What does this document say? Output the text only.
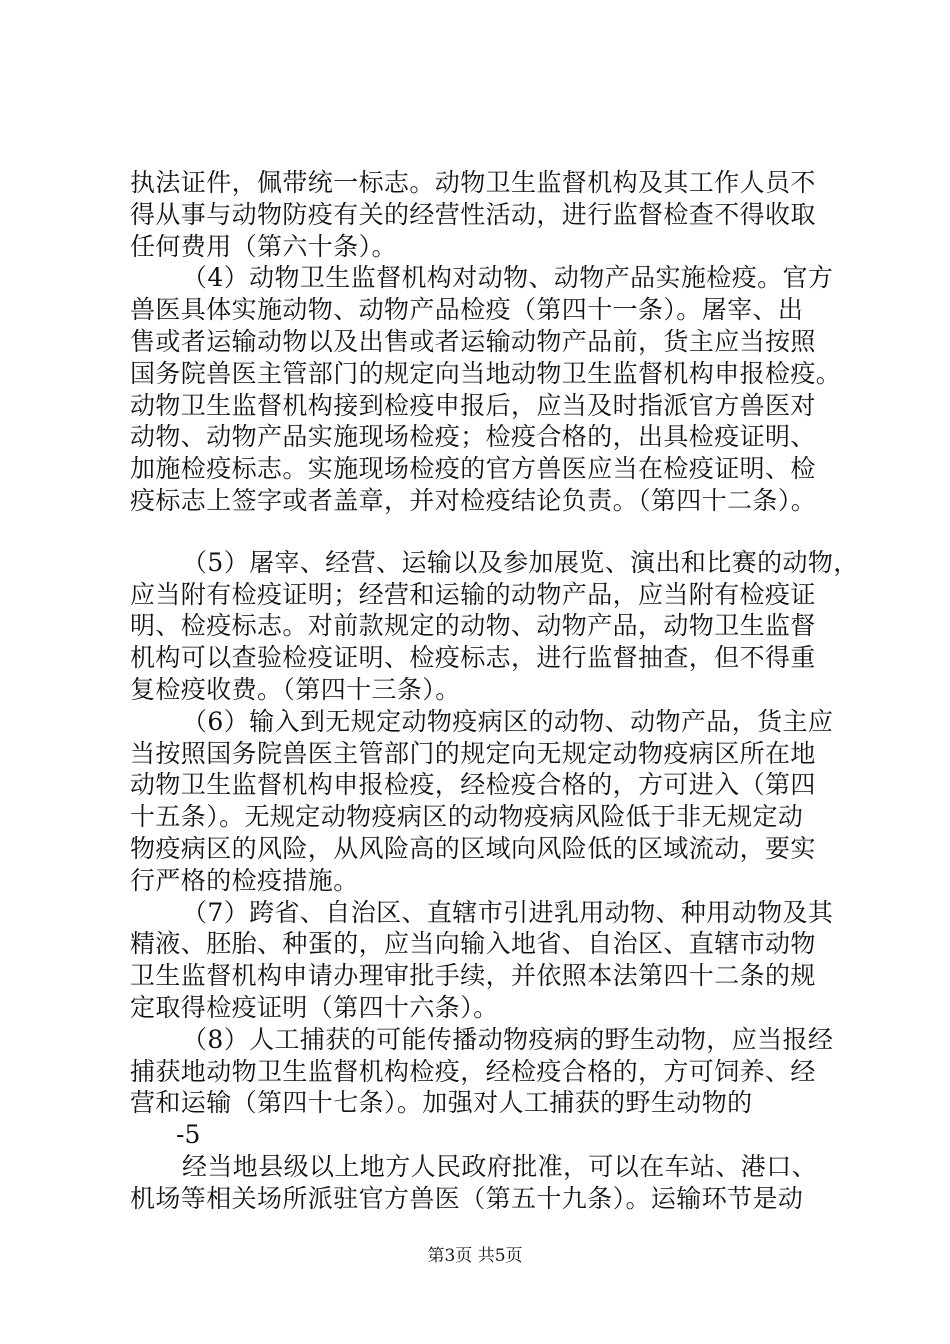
执法证件，佩带统一标志。动物卫生监督机构及其工作人员不
得从事与动物防疫有关的经营性活动，进行监督检查不得收取
任何费用（第六十条）。
（4）动物卫生监督机构对动物、动物产品实施检疫。官方
兽医具体实施动物、动物产品检疫（第四十一条）。屠宰、出
售或者运输动物以及出售或者运输动物产品前，货主应当按照
国务院兽医主管部门的规定向当地动物卫生监督机构申报检疫。
动物卫生监督机构接到检疫申报后，应当及时指派官方兽医对
动物、动物产品实施现场检疫；检疫合格的，出具检疫证明、
加施检疫标志。实施现场检疫的官方兽医应当在检疫证明、检
疫标志上签字或者盖章，并对检疫结论负责。（第四十二条）。
（5）屠宰、经营、运输以及参加展览、演出和比赛的动物，
应当附有检疫证明；经营和运输的动物产品，应当附有检疫证
明、检疫标志。对前款规定的动物、动物产品，动物卫生监督
机构可以查验检疫证明、检疫标志，进行监督抽查，但不得重
复检疫收费。（第四十三条）。
（6）输入到无规定动物疫病区的动物、动物产品，货主应
当按照国务院兽医主管部门的规定向无规定动物疫病区所在地
动物卫生监督机构申报检疫，经检疫合格的，方可进入（第四
十五条）。无规定动物疫病区的动物疫病风险低于非无规定动
物疫病区的风险，从风险高的区域向风险低的区域流动，要实
行严格的检疫措施。
（7）跨省、自治区、直辖市引进乳用动物、种用动物及其
精液、胚胎、种蛋的，应当向输入地省、自治区、直辖市动物
卫生监督机构申请办理审批手续，并依照本法第四十二条的规
定取得检疫证明（第四十六条）。
（8）人工捕获的可能传播动物疫病的野生动物，应当报经
捕获地动物卫生监督机构检疫，经检疫合格的，方可饲养、经
营和运输（第四十七条）。加强对人工捕获的野生动物的
-5
经当地县级以上地方人民政府批准，可以在车站、港口、
机场等相关场所派驻官方兽医（第五十九条）。运输环节是动
第3页 共5页
